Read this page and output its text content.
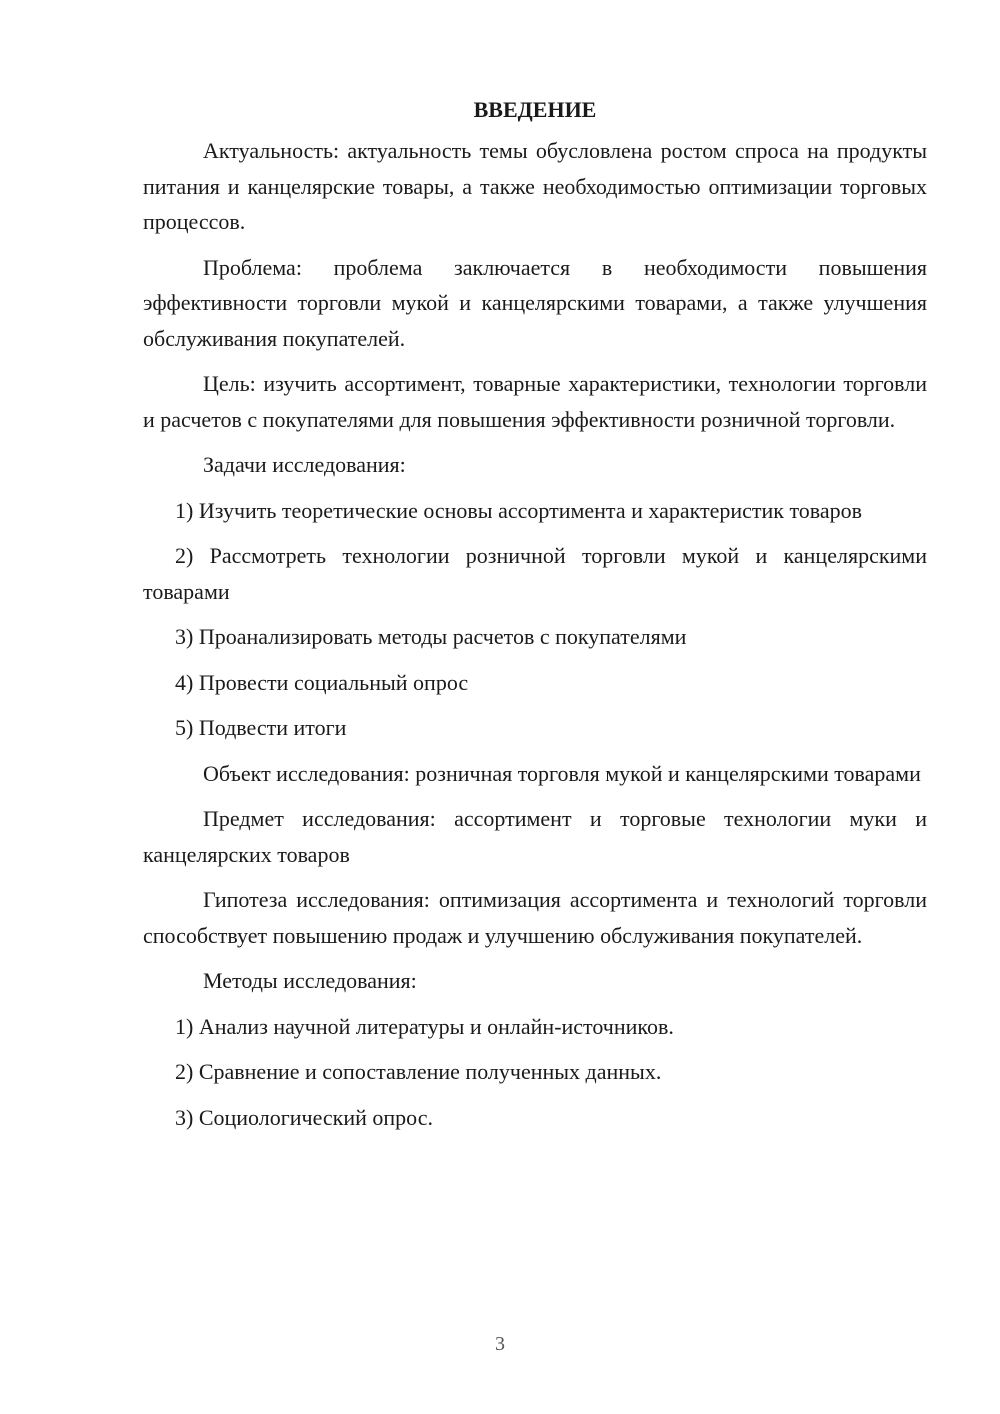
ВВЕДЕНИЕ

Актуальность: актуальность темы обусловлена ростом спроса на продукты питания и канцелярские товары, а также необходимостью оптимизации торговых процессов.

Проблема: проблема заключается в необходимости повышения эффективности торговли мукой и канцелярскими товарами, а также улучшения обслуживания покупателей.

Цель: изучить ассортимент, товарные характеристики, технологии торговли и расчетов с покупателями для повышения эффективности розничной торговли.

Задачи исследования:

1) Изучить теоретические основы ассортимента и характеристик товаров

2) Рассмотреть технологии розничной торговли мукой и канцелярскими товарами

3) Проанализировать методы расчетов с покупателями

4) Провести социальный опрос

5) Подвести итоги

Объект исследования: розничная торговля мукой и канцелярскими товарами

Предмет исследования: ассортимент и торговые технологии муки и канцелярских товаров

Гипотеза исследования: оптимизация ассортимента и технологий торговли способствует повышению продаж и улучшению обслуживания покупателей.

Методы исследования:

1) Анализ научной литературы и онлайн-источников.

2) Сравнение и сопоставление полученных данных.

3) Социологический опрос.

3
